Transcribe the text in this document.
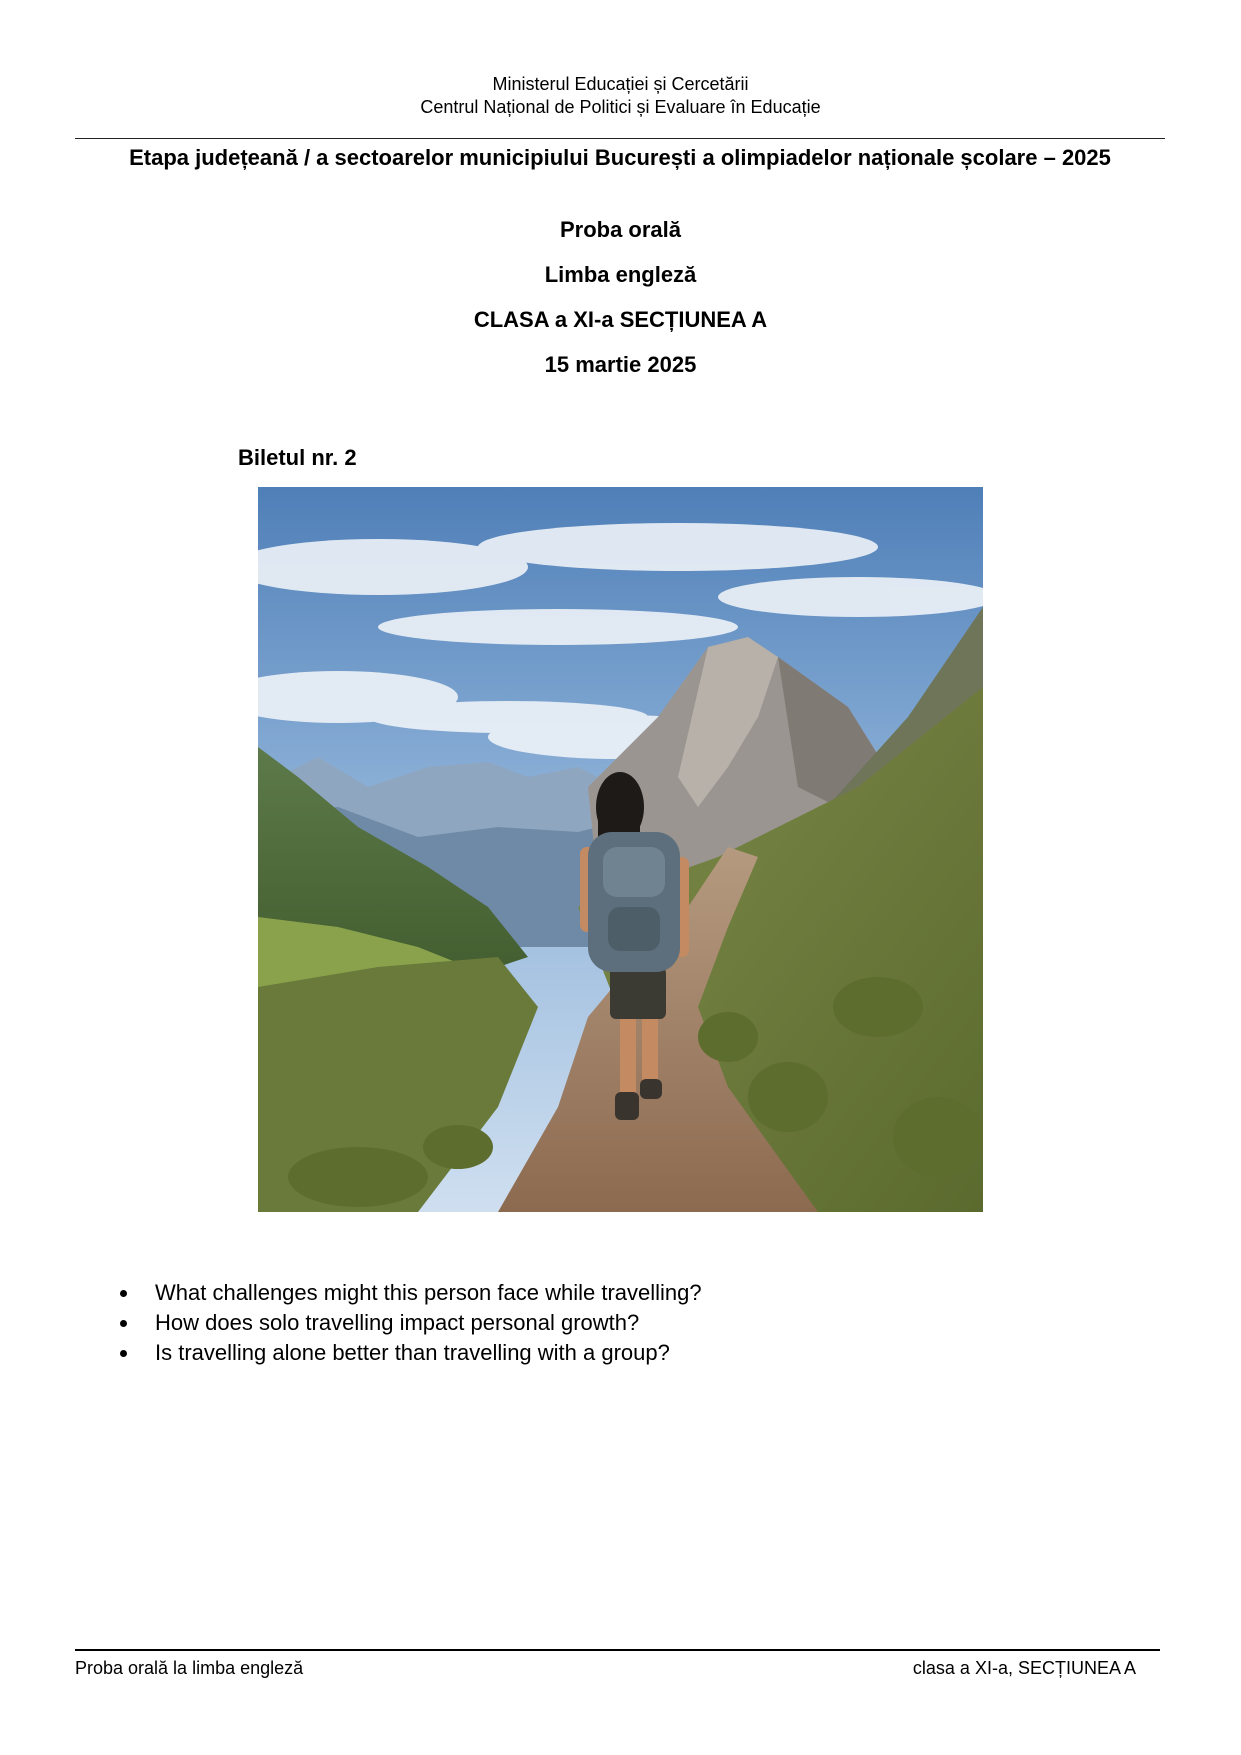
Ministerul Educației și Cercetării
Centrul Național de Politici și Evaluare în Educație
Etapa județeană / a sectoarelor municipiului București a olimpiadelor naționale școlare – 2025
Proba orală
Limba engleză
CLASA a XI-a SECȚIUNEA A
15 martie 2025
Biletul nr. 2
What challenges might this person face while travelling?
How does solo travelling impact personal growth?
Is travelling alone better than travelling with a group?
Proba orală la limba engleză	clasa a XI-a, SECȚIUNEA A
